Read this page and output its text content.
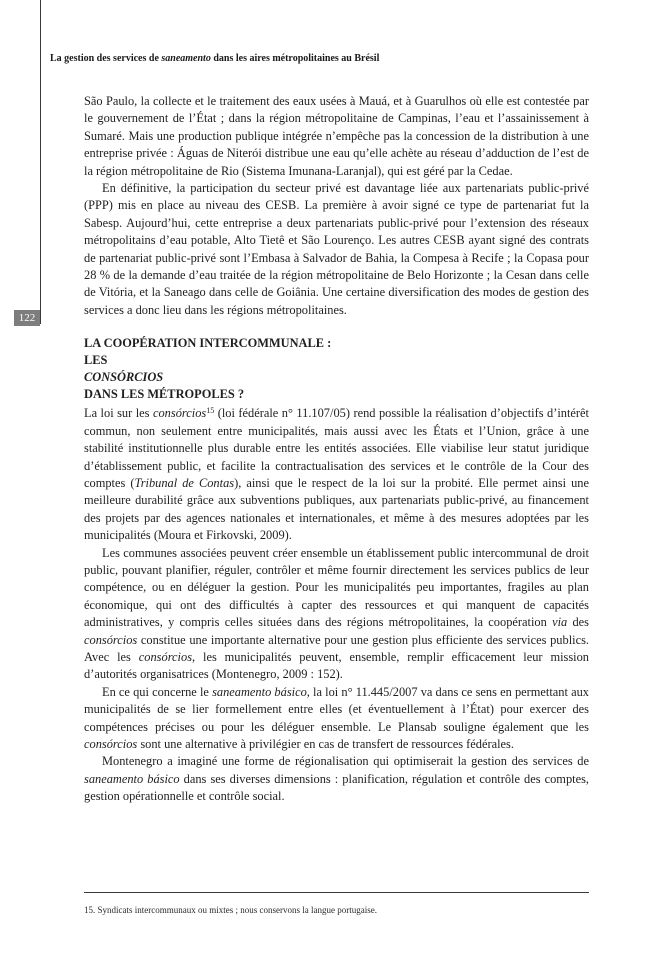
122
La gestion des services de saneamento dans les aires métropolitaines au Brésil

São Paulo, la collecte et le traitement des eaux usées à Mauá, et à Guarulhos où elle est contestée par le gouvernement de l’État ; dans la région métropolitaine de Campinas, l’eau et l’assainissement à Sumaré. Mais une production publique intégrée n’empêche pas la concession de la distribution à une entreprise privée : Águas de Niterói distribue une eau qu’elle achète au réseau d’adduction de l’est de la région métropolitaine de Rio (Sistema Imunana-Laranjal), qui est géré par la Cedae.

En définitive, la participation du secteur privé est davantage liée aux partenariats public-privé (PPP) mis en place au niveau des CESB. La première à avoir signé ce type de partenariat fut la Sabesp. Aujourd’hui, cette entreprise a deux partenariats public-privé pour l’extension des réseaux métropolitains d’eau potable, Alto Tietê et São Lourenço. Les autres CESB ayant signé des contrats de partenariat public-privé sont l’Embasa à Salvador de Bahia, la Compesa à Recife ; la Copasa pour 28 % de la demande d’eau traitée de la région métropolitaine de Belo Horizonte ; la Cesan dans celle de Vitória, et la Saneago dans celle de Goiânia. Une certaine diversification des modes de gestion des services a donc lieu dans les régions métropolitaines.

LA COOPÉRATION INTERCOMMUNALE :
LES
CONSÓRCIOS
DANS LES MÉTROPOLES ?

La loi sur les consórcios$^{15}$ (loi fédérale n° 11.107/05) rend possible la réalisation d’objectifs d’intérêt commun, non seulement entre municipalités, mais aussi avec les États et l’Union, grâce à une stabilité institutionnelle plus durable entre les entités associées. Elle viabilise leur statut juridique d’établissement public, et facilite la contractualisation des services et le contrôle de la Cour des comptes (Tribunal de Contas), ainsi que le respect de la loi sur la probité. Elle permet ainsi une meilleure durabilité grâce aux subventions publiques, aux partenariats public-privé, au financement des projets par des agences nationales et internationales, et même à des mesures adoptées par les municipalités (Moura et Firkovski, 2009).

Les communes associées peuvent créer ensemble un établissement public intercommunal de droit public, pouvant planifier, réguler, contrôler et même fournir directement les services publics de leur compétence, ou en déléguer la gestion. Pour les municipalités peu importantes, fragiles au plan économique, qui ont des difficultés à capter des ressources et qui manquent de capacités administratives, y compris celles situées dans des régions métropolitaines, la coopération via des consórcios constitue une importante alternative pour une gestion plus efficiente des services publics. Avec les consórcios, les municipalités peuvent, ensemble, remplir efficacement leur mission d’autorités organisatrices (Montenegro, 2009 : 152).

En ce qui concerne le saneamento básico, la loi n° 11.445/2007 va dans ce sens en permettant aux municipalités de se lier formellement entre elles (et éventuellement à l’État) pour exercer des compétences précises ou pour les déléguer ensemble. Le Plansab souligne également que les consórcios sont une alternative à privilégier en cas de transfert de ressources fédérales.

Montenegro a imaginé une forme de régionalisation qui optimiserait la gestion des services de saneamento básico dans ses diverses dimensions : planification, régulation et contrôle des comptes, gestion opérationnelle et contrôle social.

15. Syndicats intercommunaux ou mixtes ; nous conservons la langue portugaise.
